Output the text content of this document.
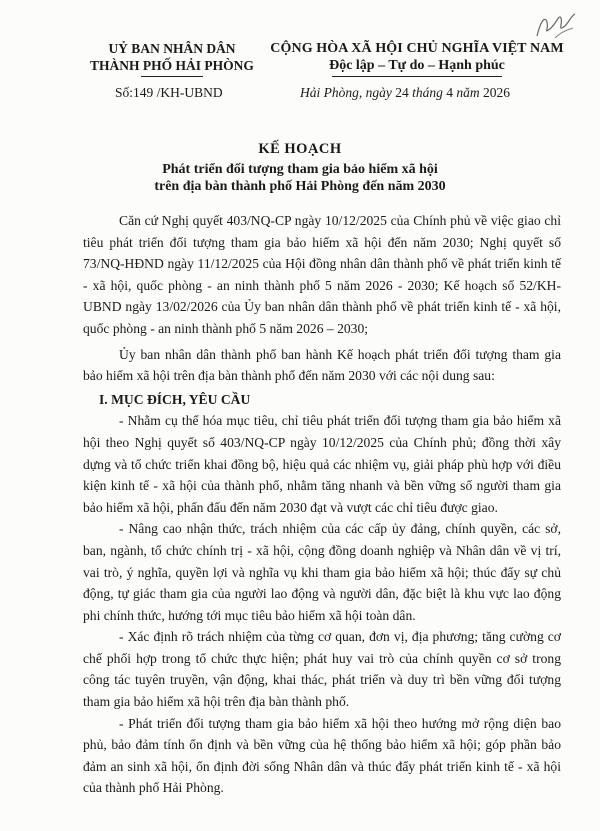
UỶ BAN NHÂN DÂN
THÀNH PHỐ HẢI PHÒNG
Số:149 /KH-UBND
CỘNG HÒA XÃ HỘI CHỦ NGHĨA VIỆT NAM
Độc lập – Tự do – Hạnh phúc
Hải Phòng, ngày 24 tháng 4 năm 2026
KẾ HOẠCH
Phát triển đối tượng tham gia bảo hiểm xã hội
trên địa bàn thành phố Hải Phòng đến năm 2030

Căn cứ Nghị quyết 403/NQ-CP ngày 10/12/2025 của Chính phủ về việc giao chỉ tiêu phát triển đối tượng tham gia bảo hiểm xã hội đến năm 2030; Nghị quyết số 73/NQ-HĐND ngày 11/12/2025 của Hội đồng nhân dân thành phố về phát triển kinh tế - xã hội, quốc phòng - an ninh thành phố 5 năm 2026 - 2030; Kế hoạch số 52/KH-UBND ngày 13/02/2026 của Ủy ban nhân dân thành phố về phát triển kinh tế - xã hội, quốc phòng - an ninh thành phố 5 năm 2026 – 2030;

Ủy ban nhân dân thành phố ban hành Kế hoạch phát triển đối tượng tham gia bảo hiểm xã hội trên địa bàn thành phố đến năm 2030 với các nội dung sau:

I. MỤC ĐÍCH, YÊU CẦU

- Nhằm cụ thể hóa mục tiêu, chỉ tiêu phát triển đối tượng tham gia bảo hiểm xã hội theo Nghị quyết số 403/NQ-CP ngày 10/12/2025 của Chính phủ; đồng thời xây dựng và tổ chức triển khai đồng bộ, hiệu quả các nhiệm vụ, giải pháp phù hợp với điều kiện kinh tế - xã hội của thành phố, nhằm tăng nhanh và bền vững số người tham gia bảo hiểm xã hội, phấn đấu đến năm 2030 đạt và vượt các chỉ tiêu được giao.

- Nâng cao nhận thức, trách nhiệm của các cấp ủy đảng, chính quyền, các sở, ban, ngành, tổ chức chính trị - xã hội, cộng đồng doanh nghiệp và Nhân dân về vị trí, vai trò, ý nghĩa, quyền lợi và nghĩa vụ khi tham gia bảo hiểm xã hội; thúc đẩy sự chủ động, tự giác tham gia của người lao động và người dân, đặc biệt là khu vực lao động phi chính thức, hướng tới mục tiêu bảo hiểm xã hội toàn dân.

- Xác định rõ trách nhiệm của từng cơ quan, đơn vị, địa phương; tăng cường cơ chế phối hợp trong tổ chức thực hiện; phát huy vai trò của chính quyền cơ sở trong công tác tuyên truyền, vận động, khai thác, phát triển và duy trì bền vững đối tượng tham gia bảo hiểm xã hội trên địa bàn thành phố.

- Phát triển đối tượng tham gia bảo hiểm xã hội theo hướng mở rộng diện bao phủ, bảo đảm tính ổn định và bền vững của hệ thống bảo hiểm xã hội; góp phần bảo đảm an sinh xã hội, ổn định đời sống Nhân dân và thúc đẩy phát triển kinh tế - xã hội của thành phố Hải Phòng.
